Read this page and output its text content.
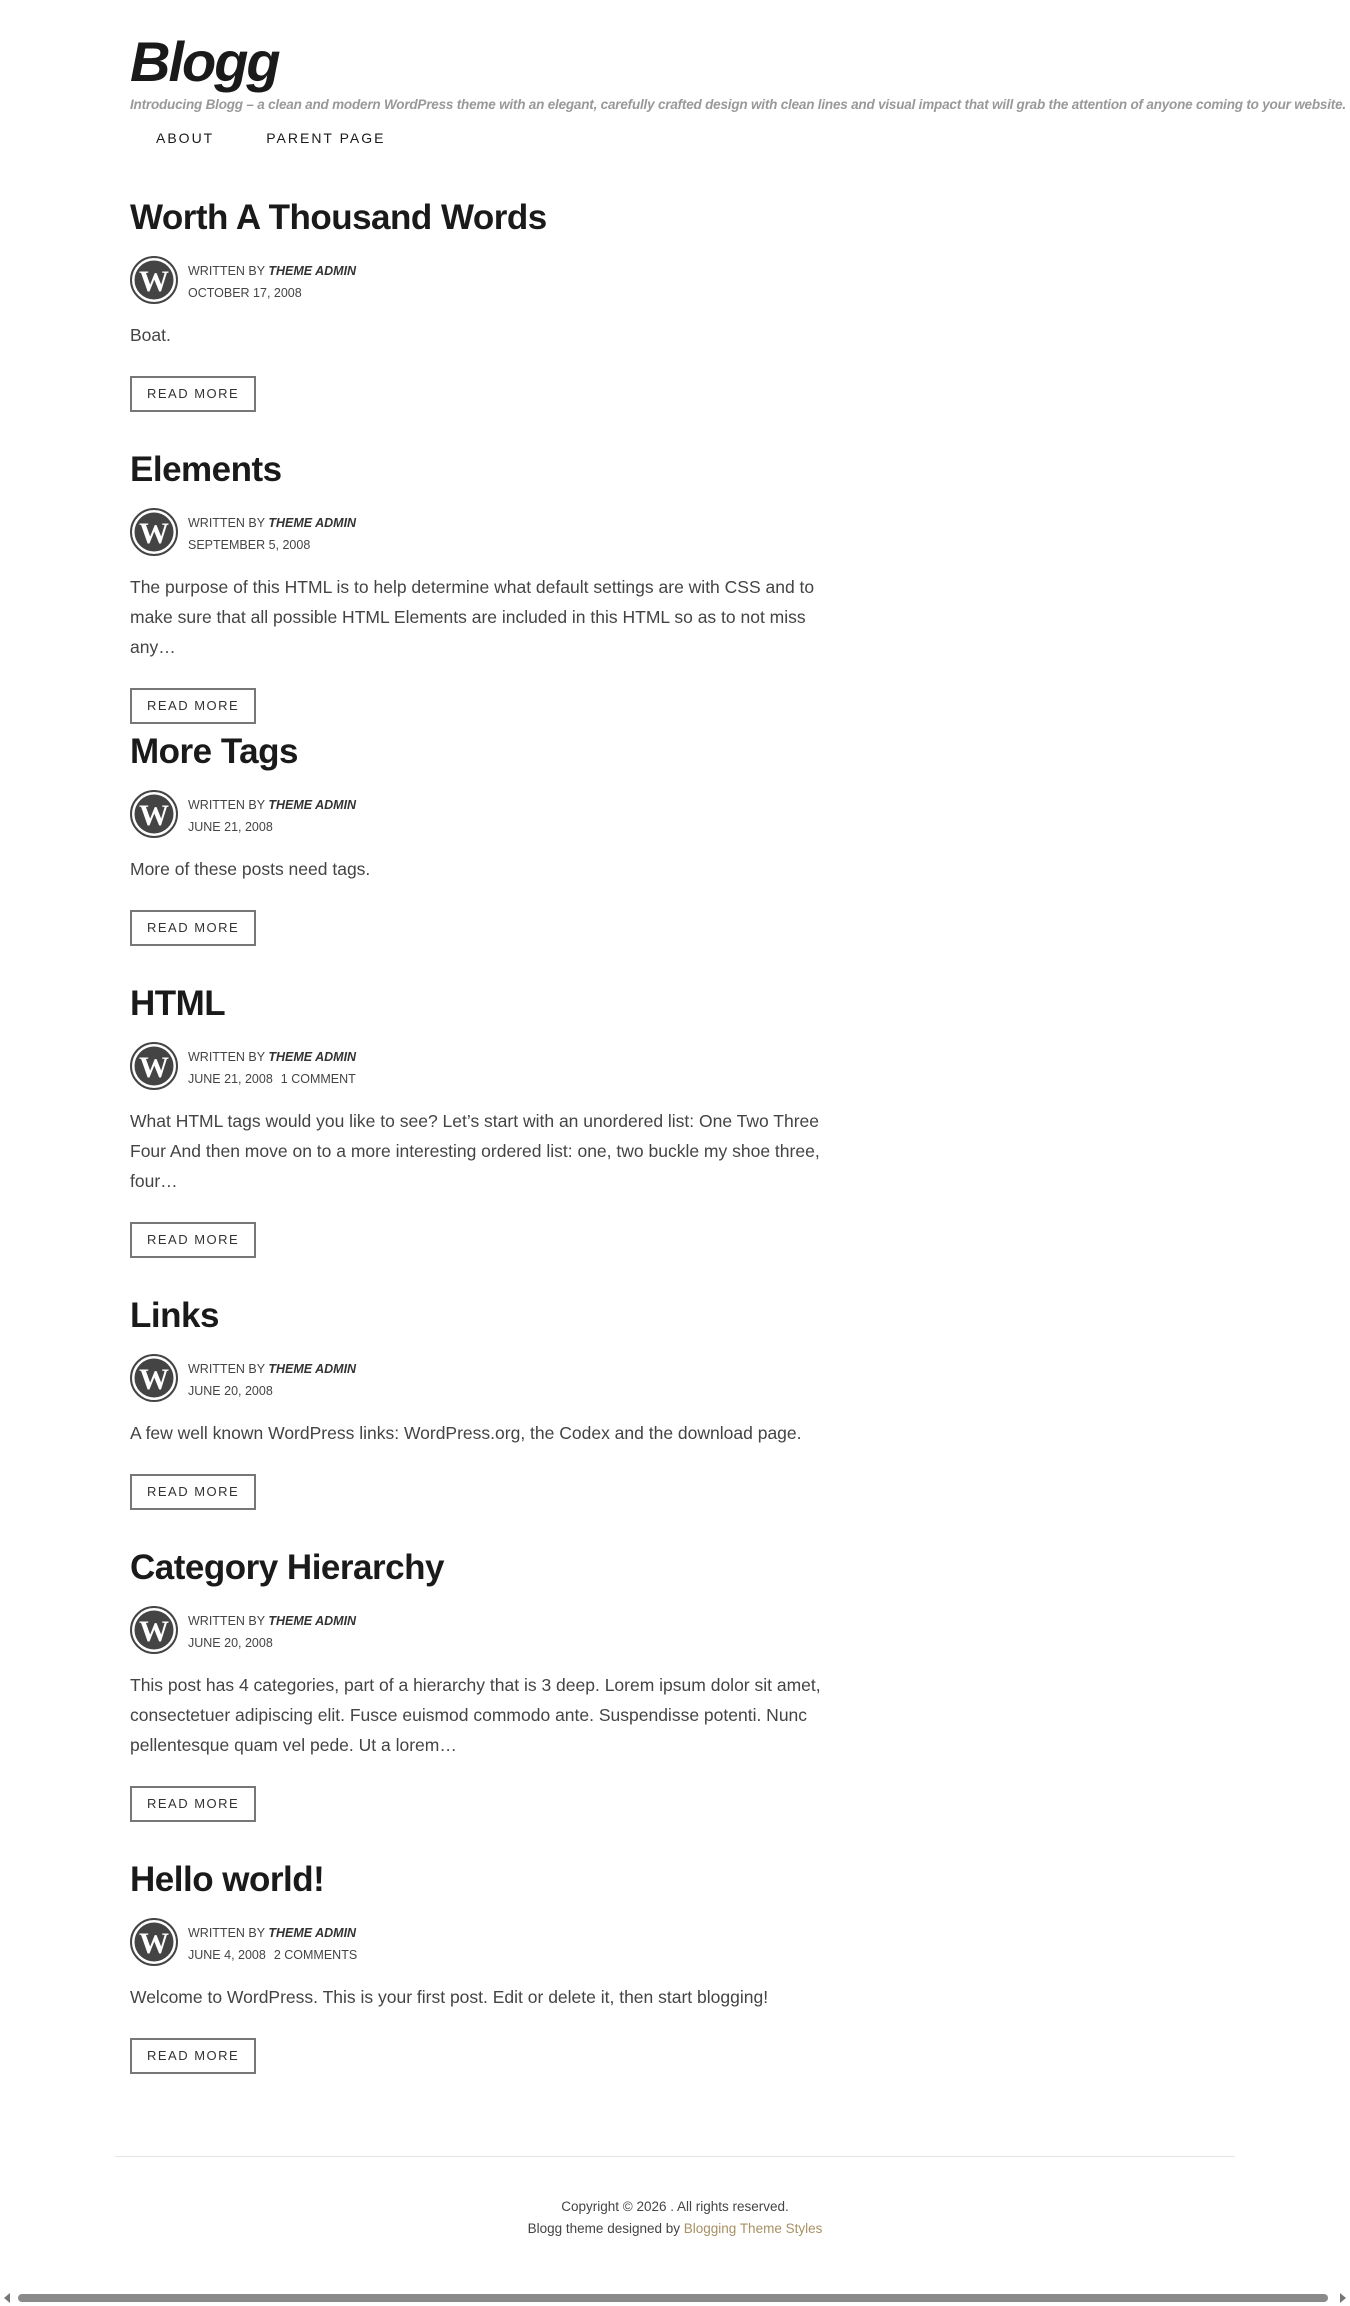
Blogg

Introducing Blogg – a clean and modern WordPress theme with an elegant, carefully crafted design with clean lines and visual impact that will grab the attention of anyone coming to your website.

ABOUT	PARENT PAGE
Worth A Thousand Words
W WRITTEN BY THEME ADMIN
OCTOBER 17, 2008

Boat.

READ MORE
Elements
W WRITTEN BY THEME ADMIN
SEPTEMBER 5, 2008

The purpose of this HTML is to help determine what default settings are with CSS and to make sure that all possible HTML Elements are included in this HTML so as to not miss any…

READ MORE
More Tags
W WRITTEN BY THEME ADMIN
JUNE 21, 2008

More of these posts need tags.

READ MORE
HTML
W WRITTEN BY THEME ADMIN
JUNE 21, 2008 1 COMMENT

What HTML tags would you like to see? Let’s start with an unordered list: One Two Three Four And then move on to a more interesting ordered list: one, two buckle my shoe three, four…

READ MORE
Links
W WRITTEN BY THEME ADMIN
JUNE 20, 2008

A few well known WordPress links: WordPress.org, the Codex and the download page.

READ MORE
Category Hierarchy
W WRITTEN BY THEME ADMIN
JUNE 20, 2008

This post has 4 categories, part of a hierarchy that is 3 deep. Lorem ipsum dolor sit amet, consectetuer adipiscing elit. Fusce euismod commodo ante. Suspendisse potenti. Nunc pellentesque quam vel pede. Ut a lorem…

READ MORE
Hello world!
W WRITTEN BY THEME ADMIN
JUNE 4, 2008 2 COMMENTS

Welcome to WordPress. This is your first post. Edit or delete it, then start blogging!

READ MORE
Copyright © 2026 . All rights reserved.
Blogg theme designed by Blogging Theme Styles
